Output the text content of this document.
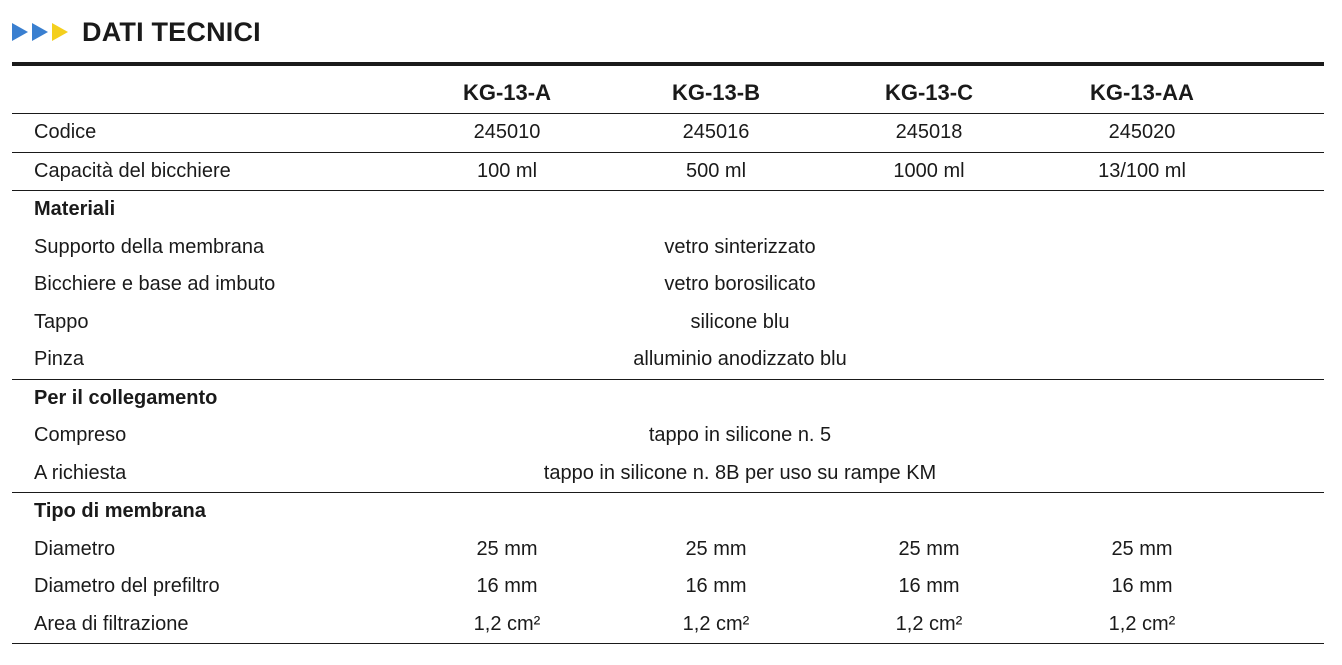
DATI TECNICI
	KG-13-A	KG-13-B	KG-13-C	KG-13-AA	
Codice	245010	245016	245018	245020	
Capacità del bicchiere	100 ml	500 ml	1000 ml	13/100 ml	
Materiali					
Supporto della membrana	vetro sinterizzato				
Bicchiere e base ad imbuto	vetro borosilicato				
Tappo	silicone blu				
Pinza	alluminio anodizzato blu				
Per il collegamento					
Compreso	tappo in silicone n. 5				
A richiesta	tappo in silicone n. 8B per uso su rampe KM				
Tipo di membrana					
Diametro	25 mm	25 mm	25 mm	25 mm	
Diametro del prefiltro	16 mm	16 mm	16 mm	16 mm	
Area di filtrazione	1,2 cm²	1,2 cm²	1,2 cm²	1,2 cm²	
